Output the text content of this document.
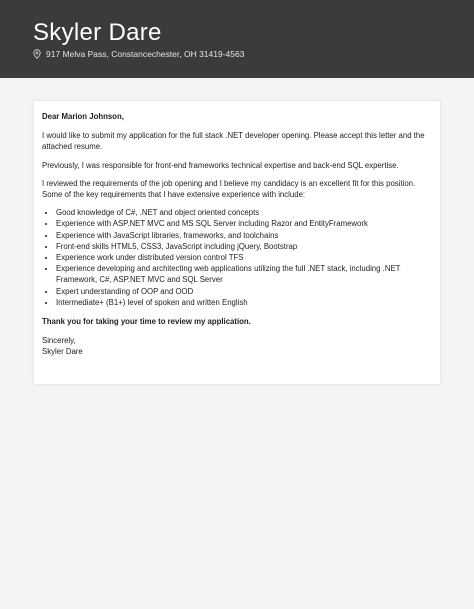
Skyler Dare
917 Melva Pass, Constancechester, OH 31419-4563

Dear Marion Johnson,

I would like to submit my application for the full stack .NET developer opening. Please accept this letter and the attached resume.

Previously, I was responsible for front-end frameworks technical expertise and back-end SQL expertise.

I reviewed the requirements of the job opening and I believe my candidacy is an excellent fit for this position. Some of the key requirements that I have extensive experience with include:

• Good knowledge of C#, .NET and object oriented concepts
• Experience with ASP.NET MVC and MS SQL Server including Razor and EntityFramework
• Experience with JavaScript libraries, frameworks, and toolchains
• Front-end skills HTML5, CSS3, JavaScript including jQuery, Bootstrap
• Experience work under distributed version control TFS
• Experience developing and architecting web applications utilizing the full .NET stack, including .NET Framework, C#, ASP.NET MVC and SQL Server
• Expert understanding of OOP and OOD
• Intermediate+ (B1+) level of spoken and written English

Thank you for taking your time to review my application.

Sincerely,

Skyler Dare
